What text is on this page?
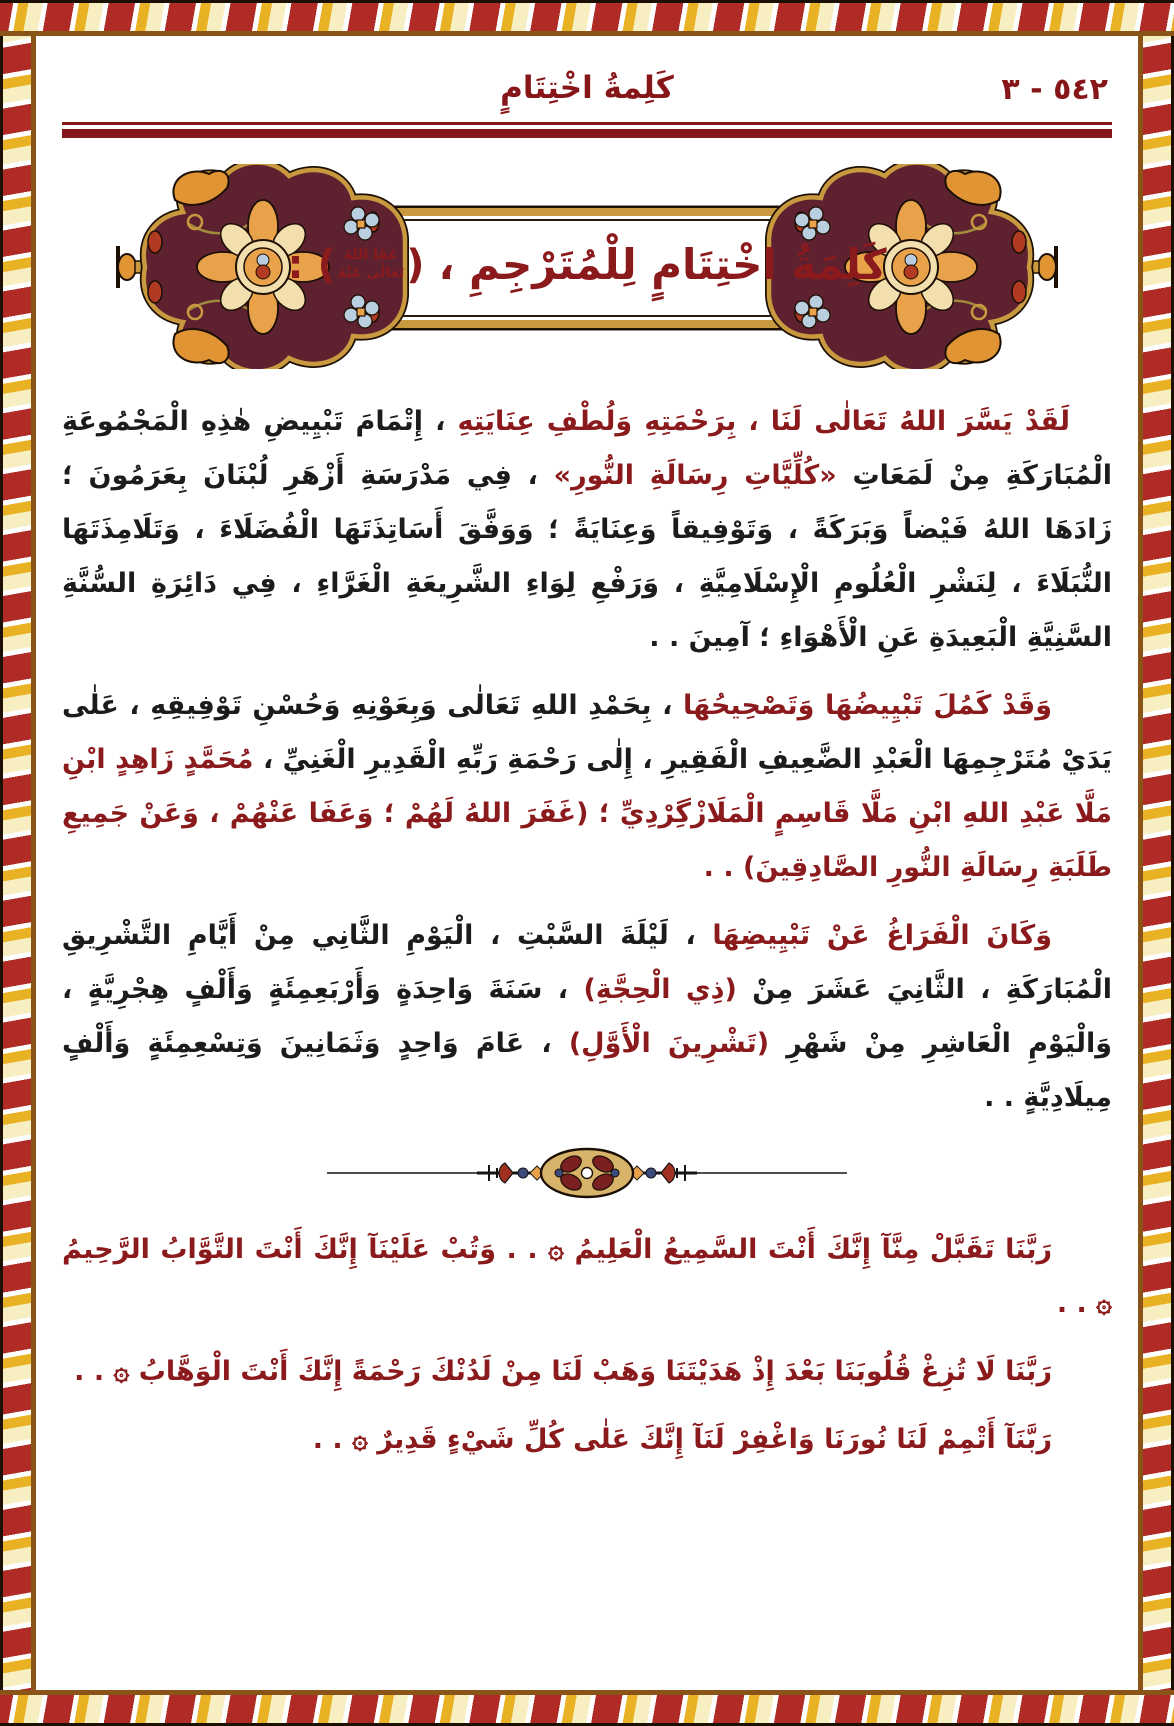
٥٤٢ - ٣
كَلِمةُ اخْتِتَامٍ
كَلِمَةُ اخْتِتَامٍ لِلْمُتَرْجِمِ ،
( عَفَا اللهُ
تَعَالٰى عَنْهُ )
:

لَقَدْ يَسَّرَ اللهُ تَعَالٰى لَنَا ، بِرَحْمَتِهِ وَلُطْفِ عِنَايَتِهِ ، إِتْمَامَ تَبْيِيضِ هٰذِهِ الْمَجْمُوعَةِ الْمُبَارَكَةِ مِنْ لَمَعَاتِ «كُلِّيَّاتِ رِسَالَةِ النُّورِ» ، فِي مَدْرَسَةِ أَزْهَرِ لُبْنَانَ بِعَرَمُونَ ؛ زَادَهَا اللهُ فَيْضاً وَبَرَكَةً ، وَتَوْفِيقاً وَعِنَايَةً ؛ وَوَفَّقَ أَسَاتِذَتَهَا الْفُضَلَاءَ ، وَتَلَامِذَتَهَا النُّبَلَاءَ ، لِنَشْرِ الْعُلُومِ الْإِسْلَامِيَّةِ ، وَرَفْعِ لِوَاءِ الشَّرِيعَةِ الْغَرَّاءِ ، فِي دَائِرَةِ السُّنَّةِ السَّنِيَّةِ الْبَعِيدَةِ عَنِ الْأَهْوَاءِ ؛ آمِينَ . .

وَقَدْ كَمُلَ تَبْيِيضُهَا وَتَصْحِيحُهَا ، بِحَمْدِ اللهِ تَعَالٰى وَبِعَوْنِهِ وَحُسْنِ تَوْفِيقِهِ ، عَلٰى يَدَيْ مُتَرْجِمِهَا الْعَبْدِ الضَّعِيفِ الْفَقِيرِ ، إِلٰى رَحْمَةِ رَبِّهِ الْقَدِيرِ الْغَنِيِّ ، مُحَمَّدٍ زَاهِدٍ ابْنِ مَلَّا عَبْدِ اللهِ ابْنِ مَلَّا قَاسِمٍ الْمَلَازْگِرْدِيِّ ؛ (غَفَرَ اللهُ لَهُمْ ؛ وَعَفَا عَنْهُمْ ، وَعَنْ جَمِيعِ طَلَبَةِ رِسَالَةِ النُّورِ الصَّادِقِينَ) . .

وَكَانَ الْفَرَاغُ عَنْ تَبْيِيضِهَا ، لَيْلَةَ السَّبْتِ ، الْيَوْمِ الثَّانِي مِنْ أَيَّامِ التَّشْرِيقِ الْمُبَارَكَةِ ، الثَّانِيَ عَشَرَ مِنْ (ذِي الْحِجَّةِ) ، سَنَةَ وَاحِدَةٍ وَأَرْبَعِمِئَةٍ وَأَلْفٍ هِجْرِيَّةٍ ، وَالْيَوْمِ الْعَاشِرِ مِنْ شَهْرِ (تَشْرِينَ الْأَوَّلِ) ، عَامَ وَاحِدٍ وَثَمَانِينَ وَتِسْعِمِئَةٍ وَأَلْفٍ مِيلَادِيَّةٍ . .

رَبَّنَا تَقَبَّلْ مِنَّآ إِنَّكَ أَنْتَ السَّمِيعُ الْعَلِيمُ ۞ . . وَتُبْ عَلَيْنَآ إِنَّكَ أَنْتَ التَّوَّابُ الرَّحِيمُ ۞ . .

رَبَّنَا لَا تُزِغْ قُلُوبَنَا بَعْدَ إِذْ هَدَيْتَنَا وَهَبْ لَنَا مِنْ لَدُنْكَ رَحْمَةً إِنَّكَ أَنْتَ الْوَهَّابُ ۞ . .

رَبَّنَآ أَتْمِمْ لَنَا نُورَنَا وَاغْفِرْ لَنَآ إِنَّكَ عَلٰى كُلِّ شَيْءٍ قَدِيرٌ ۞ . .
